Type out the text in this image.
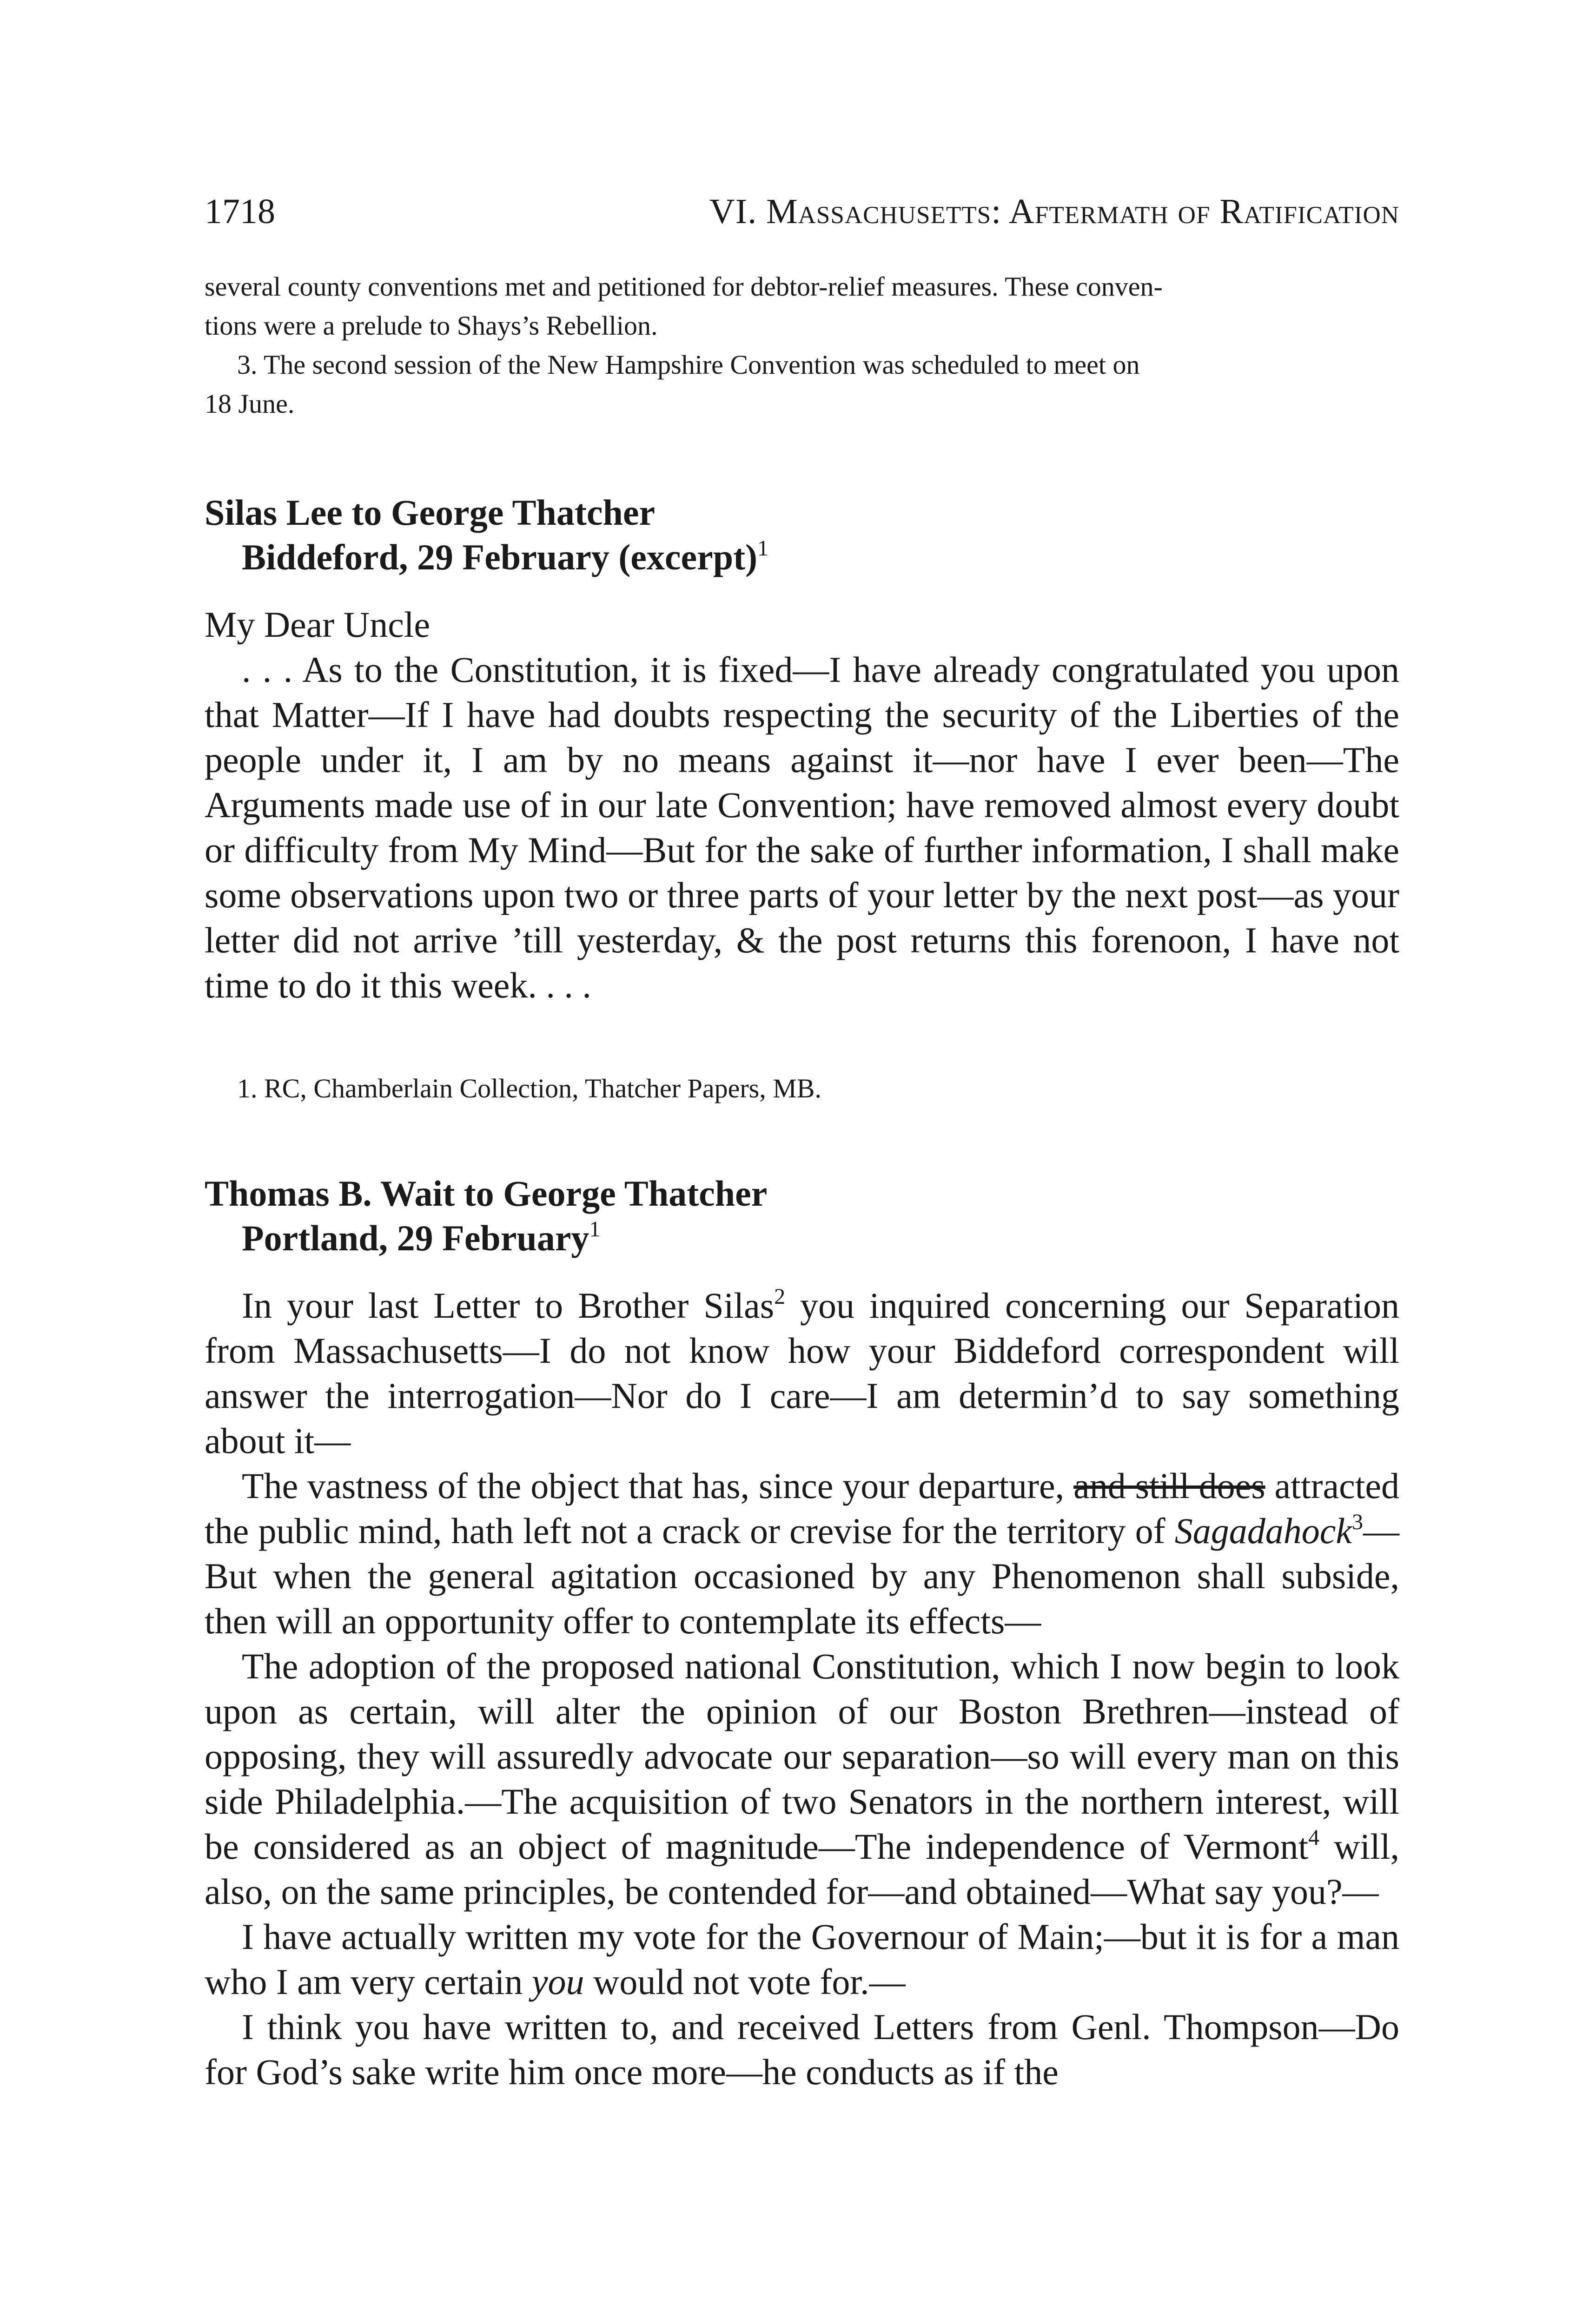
1718	VI. Massachusetts: Aftermath of Ratification
several county conventions met and petitioned for debtor-relief measures. These conven-
tions were a prelude to Shays’s Rebellion.
3. The second session of the New Hampshire Convention was scheduled to meet on
18 June.
Silas Lee to George Thatcher
Biddeford, 29 February (excerpt)$^1$

My Dear Uncle

. . . As to the Constitution, it is fixed—I have already congratulated you upon that Matter—If I have had doubts respecting the security of the Liberties of the people under it, I am by no means against it—nor have I ever been—The Arguments made use of in our late Convention; have removed almost every doubt or difficulty from My Mind—But for the sake of further information, I shall make some observations upon two or three parts of your letter by the next post—as your letter did not arrive ’till yesterday, & the post returns this forenoon, I have not time to do it this week. . . .

1. RC, Chamberlain Collection, Thatcher Papers, MB.
Thomas B. Wait to George Thatcher
Portland, 29 February$^1$

In your last Letter to Brother Silas$^2$ you inquired concerning our Separation from Massachusetts—I do not know how your Biddeford correspondent will answer the interrogation—Nor do I care—I am determin’d to say something about it—

The vastness of the object that has, since your departure, and still does attracted the public mind, hath left not a crack or crevise for the territory of Sagadahock$^3$—But when the general agitation occasioned by any Phenomenon shall subside, then will an opportunity offer to contemplate its effects—

The adoption of the proposed national Constitution, which I now begin to look upon as certain, will alter the opinion of our Boston Brethren—instead of opposing, they will assuredly advocate our separation—so will every man on this side Philadelphia.—The acquisition of two Senators in the northern interest, will be considered as an object of magnitude—The independence of Vermont$^4$ will, also, on the same principles, be contended for—and obtained—What say you?—

I have actually written my vote for the Governour of Main;—but it is for a man who I am very certain you would not vote for.—

I think you have written to, and received Letters from Genl. Thompson—Do for God’s sake write him once more—he conducts as if the
